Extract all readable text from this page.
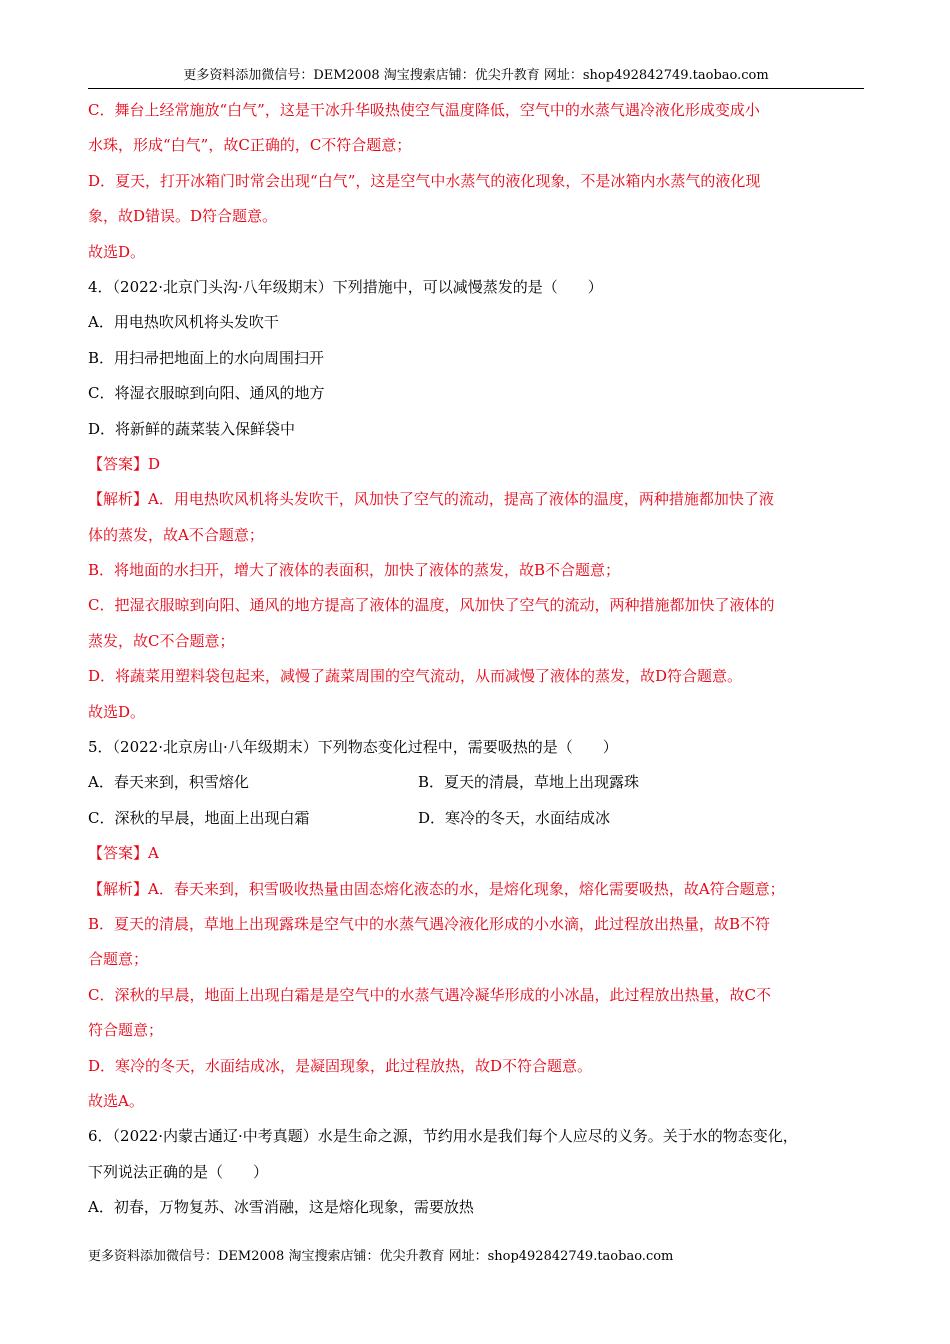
更多资料添加微信号：DEM2008 淘宝搜索店铺：优尖升教育 网址：shop492842749.taobao.com
C．舞台上经常施放“白气”，这是干冰升华吸热使空气温度降低，空气中的水蒸气遇冷液化形成变成小
水珠，形成“白气”，故C正确的，C不符合题意；
D．夏天，打开冰箱门时常会出现“白气”，这是空气中水蒸气的液化现象，不是冰箱内水蒸气的液化现
象，故D错误。D符合题意。
故选D。
4．（2022·北京门头沟·八年级期末）下列措施中，可以减慢蒸发的是（　　）
A．用电热吹风机将头发吹干
B．用扫帚把地面上的水向周围扫开
C．将湿衣服晾到向阳、通风的地方
D．将新鲜的蔬菜装入保鲜袋中
【答案】D
【解析】A．用电热吹风机将头发吹干，风加快了空气的流动，提高了液体的温度，两种措施都加快了液
体的蒸发，故A不合题意；
B．将地面的水扫开，增大了液体的表面积，加快了液体的蒸发，故B不合题意；
C．把湿衣服晾到向阳、通风的地方提高了液体的温度，风加快了空气的流动，两种措施都加快了液体的
蒸发，故C不合题意；
D．将蔬菜用塑料袋包起来，减慢了蔬菜周围的空气流动，从而减慢了液体的蒸发，故D符合题意。
故选D。
5．（2022·北京房山·八年级期末）下列物态变化过程中，需要吸热的是（　　）
A．春天来到，积雪熔化	B．夏天的清晨，草地上出现露珠
C．深秋的早晨，地面上出现白霜	D．寒冷的冬天，水面结成冰
【答案】A
【解析】A．春天来到，积雪吸收热量由固态熔化液态的水，是熔化现象，熔化需要吸热，故A符合题意；
B．夏天的清晨，草地上出现露珠是空气中的水蒸气遇冷液化形成的小水滴，此过程放出热量，故B不符
合题意；
C．深秋的早晨，地面上出现白霜是是空气中的水蒸气遇冷凝华形成的小冰晶，此过程放出热量，故C不
符合题意；
D．寒冷的冬天，水面结成冰，是凝固现象，此过程放热，故D不符合题意。
故选A。
6．（2022·内蒙古通辽·中考真题）水是生命之源，节约用水是我们每个人应尽的义务。关于水的物态变化，
下列说法正确的是（　　）
A．初春，万物复苏、冰雪消融，这是熔化现象，需要放热
更多资料添加微信号：DEM2008 淘宝搜索店铺：优尖升教育 网址：shop492842749.taobao.com
